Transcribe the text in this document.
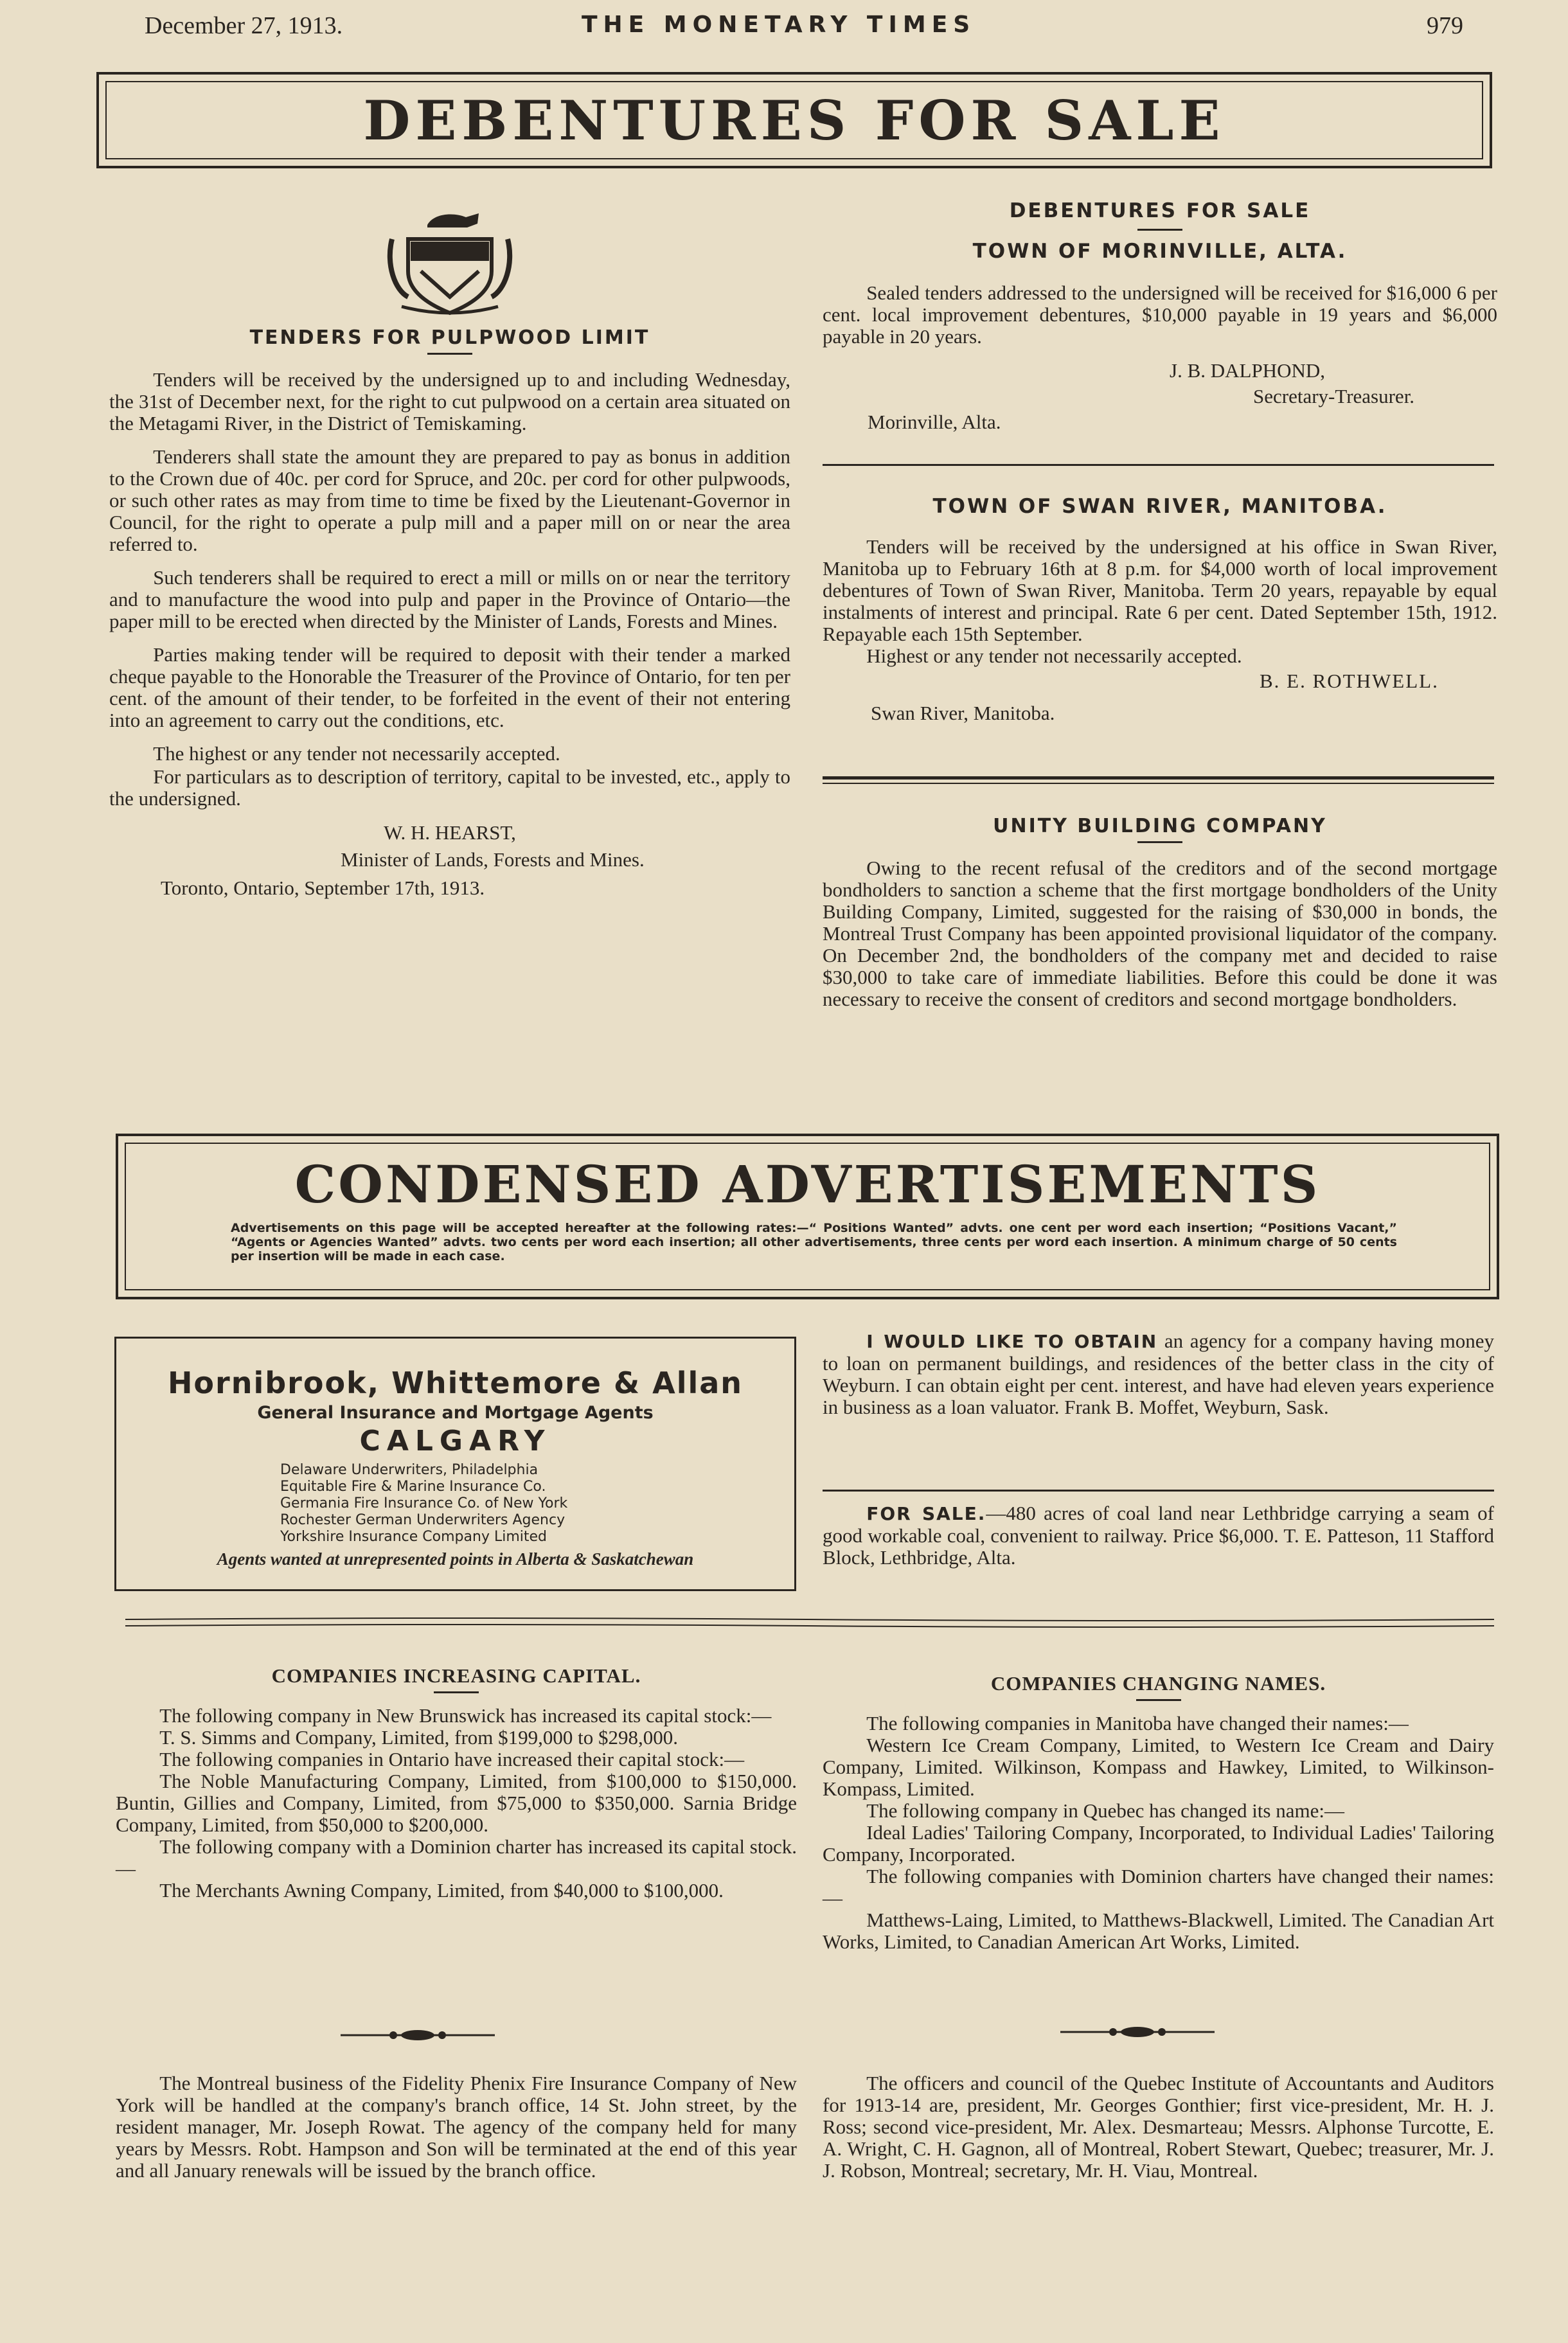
December 27, 1913.	THE MONETARY TIMES	979
DEBENTURES FOR SALE
TENDERS FOR PULPWOOD LIMIT

Tenders will be received by the undersigned up to and including Wednesday, the 31st of December next, for the right to cut pulpwood on a certain area situated on the Metagami River, in the District of Temiskaming.

Tenderers shall state the amount they are prepared to pay as bonus in addition to the Crown due of 40c. per cord for Spruce, and 20c. per cord for other pulpwoods, or such other rates as may from time to time be fixed by the Lieutenant-Governor in Council, for the right to operate a pulp mill and a paper mill on or near the area referred to.

Such tenderers shall be required to erect a mill or mills on or near the territory and to manufacture the wood into pulp and paper in the Province of Ontario—the paper mill to be erected when directed by the Minister of Lands, Forests and Mines.

Parties making tender will be required to deposit with their tender a marked cheque payable to the Honorable the Treasurer of the Province of Ontario, for ten per cent. of the amount of their tender, to be forfeited in the event of their not entering into an agreement to carry out the conditions, etc.

The highest or any tender not necessarily accepted.

For particulars as to description of territory, capital to be invested, etc., apply to the undersigned.

W. H. HEARST,
Minister of Lands, Forests and Mines.
Toronto, Ontario, September 17th, 1913.
DEBENTURES FOR SALE
TOWN OF MORINVILLE, ALTA.

Sealed tenders addressed to the undersigned will be received for $16,000 6 per cent. local improvement debentures, $10,000 payable in 19 years and $6,000 payable in 20 years.

J. B. DALPHOND,
Secretary-Treasurer.
Morinville, Alta.
TOWN OF SWAN RIVER, MANITOBA.

Tenders will be received by the undersigned at his office in Swan River, Manitoba up to February 16th at 8 p.m. for $4,000 worth of local improvement debentures of Town of Swan River, Manitoba. Term 20 years, repayable by equal instalments of interest and principal. Rate 6 per cent. Dated September 15th, 1912. Repayable each 15th September.

Highest or any tender not necessarily accepted.

B. E. ROTHWELL.
Swan River, Manitoba.
UNITY BUILDING COMPANY

Owing to the recent refusal of the creditors and of the second mortgage bondholders to sanction a scheme that the first mortgage bondholders of the Unity Building Company, Limited, suggested for the raising of $30,000 in bonds, the Montreal Trust Company has been appointed provisional liquidator of the company. On December 2nd, the bondholders of the company met and decided to raise $30,000 to take care of immediate liabilities. Before this could be done it was necessary to receive the consent of creditors and second mortgage bondholders.

CONDENSED ADVERTISEMENTS
Advertisements on this page will be accepted hereafter at the following rates:—“ Positions Wanted” advts. one cent per word each insertion; “Positions Vacant,” “Agents or Agencies Wanted” advts. two cents per word each insertion; all other advertisements, three cents per word each insertion. A minimum charge of 50 cents per insertion will be made in each case.
Hornibrook, Whittemore & Allan
General Insurance and Mortgage Agents
CALGARY
Delaware Underwriters, Philadelphia
Equitable Fire & Marine Insurance Co.
Germania Fire Insurance Co. of New York
Rochester German Underwriters Agency
Yorkshire Insurance Company Limited
Agents wanted at unrepresented points in Alberta & Saskatchewan

I WOULD LIKE TO OBTAIN an agency for a company having money to loan on permanent buildings, and residences of the better class in the city of Weyburn. I can obtain eight per cent. interest, and have had eleven years experience in business as a loan valuator. Frank B. Moffet, Weyburn, Sask.

FOR SALE.—480 acres of coal land near Lethbridge carrying a seam of good workable coal, convenient to railway. Price $6,000. T. E. Patteson, 11 Stafford Block, Lethbridge, Alta.

COMPANIES INCREASING CAPITAL.

The following company in New Brunswick has increased its capital stock:—

T. S. Simms and Company, Limited, from $199,000 to $298,000.

The following companies in Ontario have increased their capital stock:—

The Noble Manufacturing Company, Limited, from $100,000 to $150,000. Buntin, Gillies and Company, Limited, from $75,000 to $350,000. Sarnia Bridge Company, Limited, from $50,000 to $200,000.

The following company with a Dominion charter has increased its capital stock.—

The Merchants Awning Company, Limited, from $40,000 to $100,000.

COMPANIES CHANGING NAMES.

The following companies in Manitoba have changed their names:—

Western Ice Cream Company, Limited, to Western Ice Cream and Dairy Company, Limited. Wilkinson, Kompass and Hawkey, Limited, to Wilkinson-Kompass, Limited.

The following company in Quebec has changed its name:—

Ideal Ladies' Tailoring Company, Incorporated, to Individual Ladies' Tailoring Company, Incorporated.

The following companies with Dominion charters have changed their names:—

Matthews-Laing, Limited, to Matthews-Blackwell, Limited. The Canadian Art Works, Limited, to Canadian American Art Works, Limited.

The Montreal business of the Fidelity Phenix Fire Insurance Company of New York will be handled at the company's branch office, 14 St. John street, by the resident manager, Mr. Joseph Rowat. The agency of the company held for many years by Messrs. Robt. Hampson and Son will be terminated at the end of this year and all January renewals will be issued by the branch office.

The officers and council of the Quebec Institute of Accountants and Auditors for 1913-14 are, president, Mr. Georges Gonthier; first vice-president, Mr. H. J. Ross; second vice-president, Mr. Alex. Desmarteau; Messrs. Alphonse Turcotte, E. A. Wright, C. H. Gagnon, all of Montreal, Robert Stewart, Quebec; treasurer, Mr. J. J. Robson, Montreal; secretary, Mr. H. Viau, Montreal.
